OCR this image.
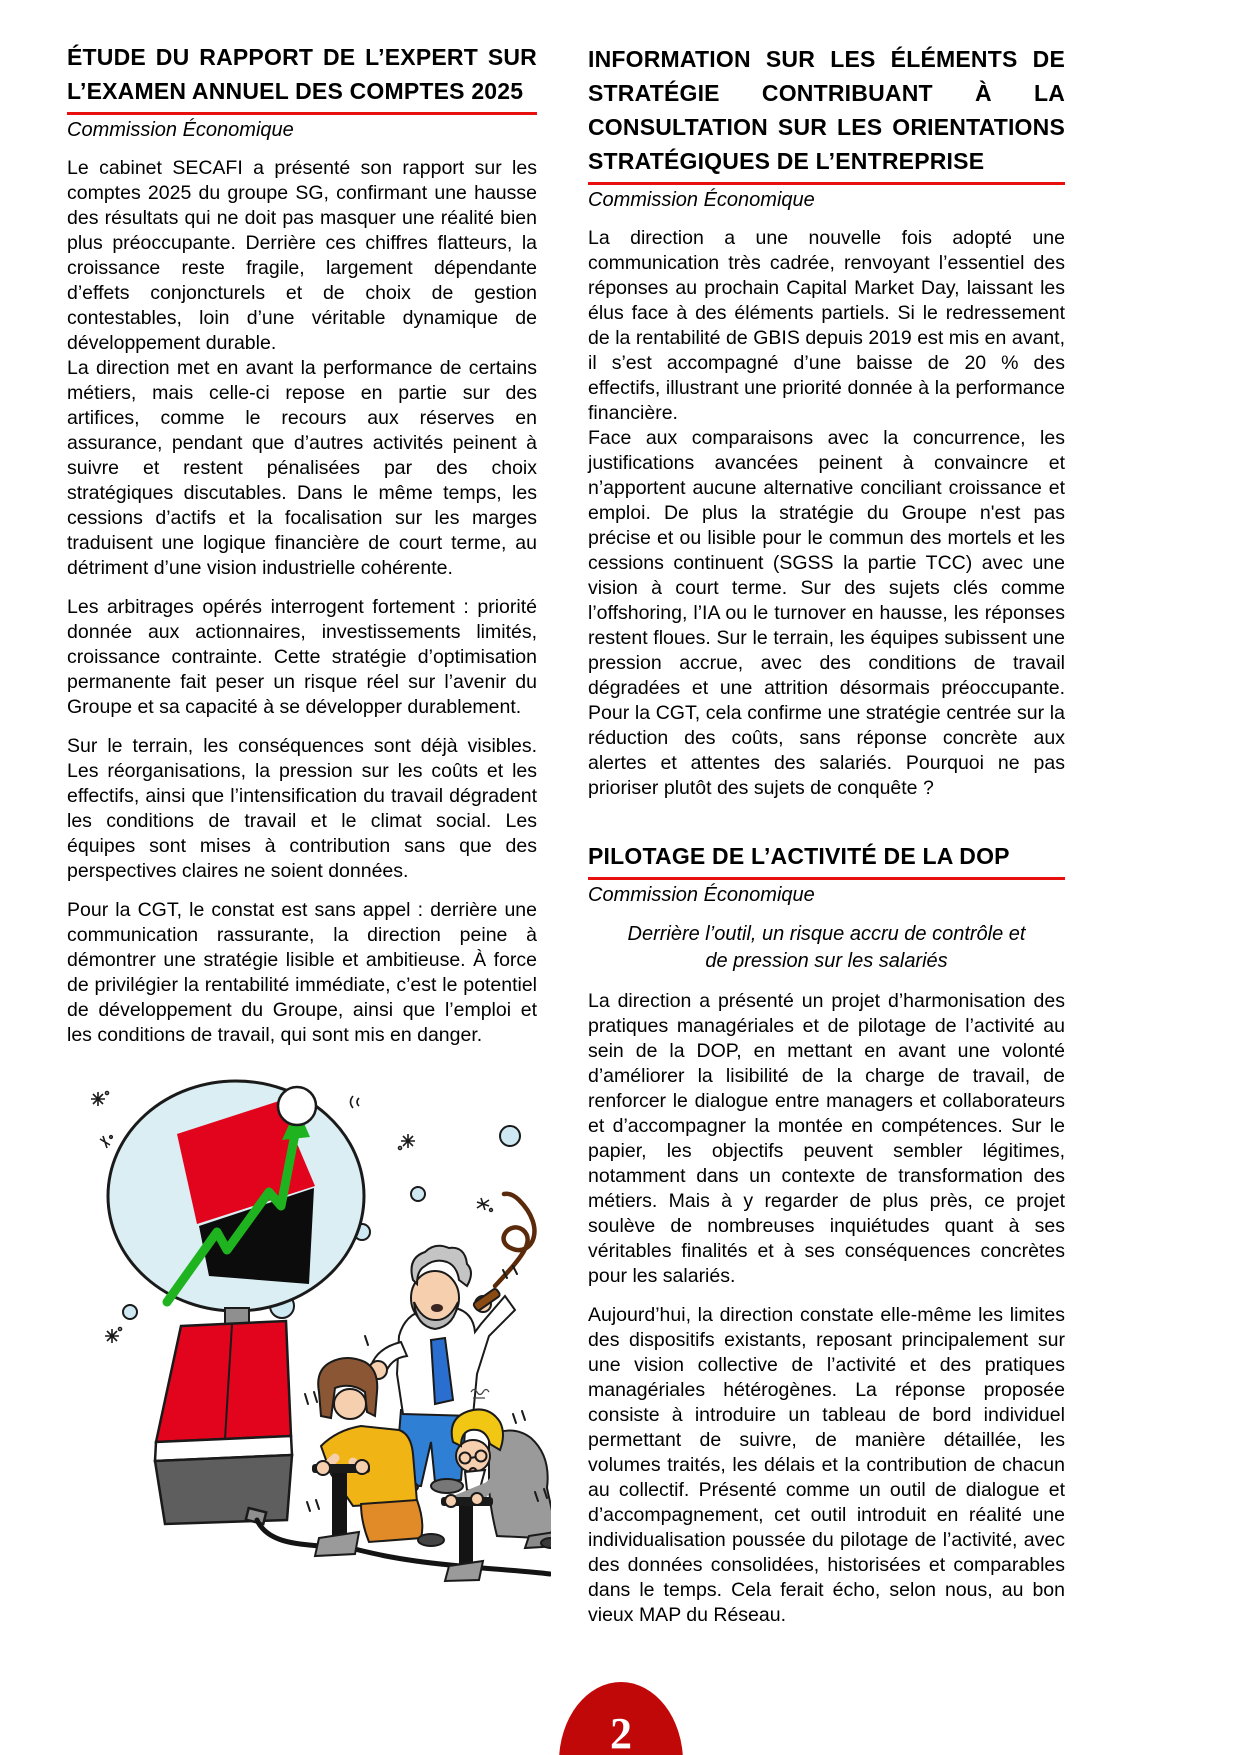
ÉTUDE DU RAPPORT DE L’EXPERT SUR L’EXAMEN ANNUEL DES COMPTES 2025

Commission Économique

Le cabinet SECAFI a présenté son rapport sur les comptes 2025 du groupe SG, confirmant une hausse des résultats qui ne doit pas masquer une réalité bien plus préoccupante. Derrière ces chiffres flatteurs, la croissance reste fragile, largement dépendante d’effets conjoncturels et de choix de gestion contestables, loin d’une véritable dynamique de développement durable.

La direction met en avant la performance de certains métiers, mais celle-ci repose en partie sur des artifices, comme le recours aux réserves en assurance, pendant que d’autres activités peinent à suivre et restent pénalisées par des choix stratégiques discutables. Dans le même temps, les cessions d’actifs et la focalisation sur les marges traduisent une logique financière de court terme, au détriment d’une vision industrielle cohérente.

Les arbitrages opérés interrogent fortement : priorité donnée aux actionnaires, investissements limités, croissance contrainte. Cette stratégie d’optimisation permanente fait peser un risque réel sur l’avenir du Groupe et sa capacité à se développer durablement.

Sur le terrain, les conséquences sont déjà visibles. Les réorganisations, la pression sur les coûts et les effectifs, ainsi que l’intensification du travail dégradent les conditions de travail et le climat social. Les équipes sont mises à contribution sans que des perspectives claires ne soient données.

Pour la CGT, le constat est sans appel : derrière une communication rassurante, la direction peine à démontrer une stratégie lisible et ambitieuse. À force de privilégier la rentabilité immédiate, c’est le potentiel de développement du Groupe, ainsi que l’emploi et les conditions de travail, qui sont mis en danger.

INFORMATION SUR LES ÉLÉMENTS DE STRATÉGIE CONTRIBUANT À LA CONSULTATION SUR LES ORIENTATIONS STRATÉGIQUES DE L’ENTREPRISE

Commission Économique

La direction a une nouvelle fois adopté une communication très cadrée, renvoyant l’essentiel des réponses au prochain Capital Market Day, laissant les élus face à des éléments partiels. Si le redressement de la rentabilité de GBIS depuis 2019 est mis en avant, il s’est accompagné d’une baisse de 20 % des effectifs, illustrant une priorité donnée à la performance financière.

Face aux comparaisons avec la concurrence, les justifications avancées peinent à convaincre et n’apportent aucune alternative conciliant croissance et emploi. De plus la stratégie du Groupe n'est pas précise et ou lisible pour le commun des mortels et les cessions continuent (SGSS la partie TCC) avec une vision à court terme. Sur des sujets clés comme l’offshoring, l’IA ou le turnover en hausse, les réponses restent floues. Sur le terrain, les équipes subissent une pression accrue, avec des conditions de travail dégradées et une attrition désormais préoccupante. Pour la CGT, cela confirme une stratégie centrée sur la réduction des coûts, sans réponse concrète aux alertes et attentes des salariés. Pourquoi ne pas prioriser plutôt des sujets de conquête ?

PILOTAGE DE L’ACTIVITÉ DE LA DOP

Commission Économique

Derrière l’outil, un risque accru de contrôle et de pression sur les salariés

La direction a présenté un projet d’harmonisation des pratiques managériales et de pilotage de l’activité au sein de la DOP, en mettant en avant une volonté d’améliorer la lisibilité de la charge de travail, de renforcer le dialogue entre managers et collaborateurs et d’accompagner la montée en compétences. Sur le papier, les objectifs peuvent sembler légitimes, notamment dans un contexte de transformation des métiers. Mais à y regarder de plus près, ce projet soulève de nombreuses inquiétudes quant à ses véritables finalités et à ses conséquences concrètes pour les salariés.

Aujourd’hui, la direction constate elle-même les limites des dispositifs existants, reposant principalement sur une vision collective de l’activité et des pratiques managériales hétérogènes. La réponse proposée consiste à introduire un tableau de bord individuel permettant de suivre, de manière détaillée, les volumes traités, les délais et la contribution de chacun au collectif. Présenté comme un outil de dialogue et d’accompagnement, cet outil introduit en réalité une individualisation poussée du pilotage de l’activité, avec des données consolidées, historisées et comparables dans le temps. Cela ferait écho, selon nous, au bon vieux MAP du Réseau.

2
